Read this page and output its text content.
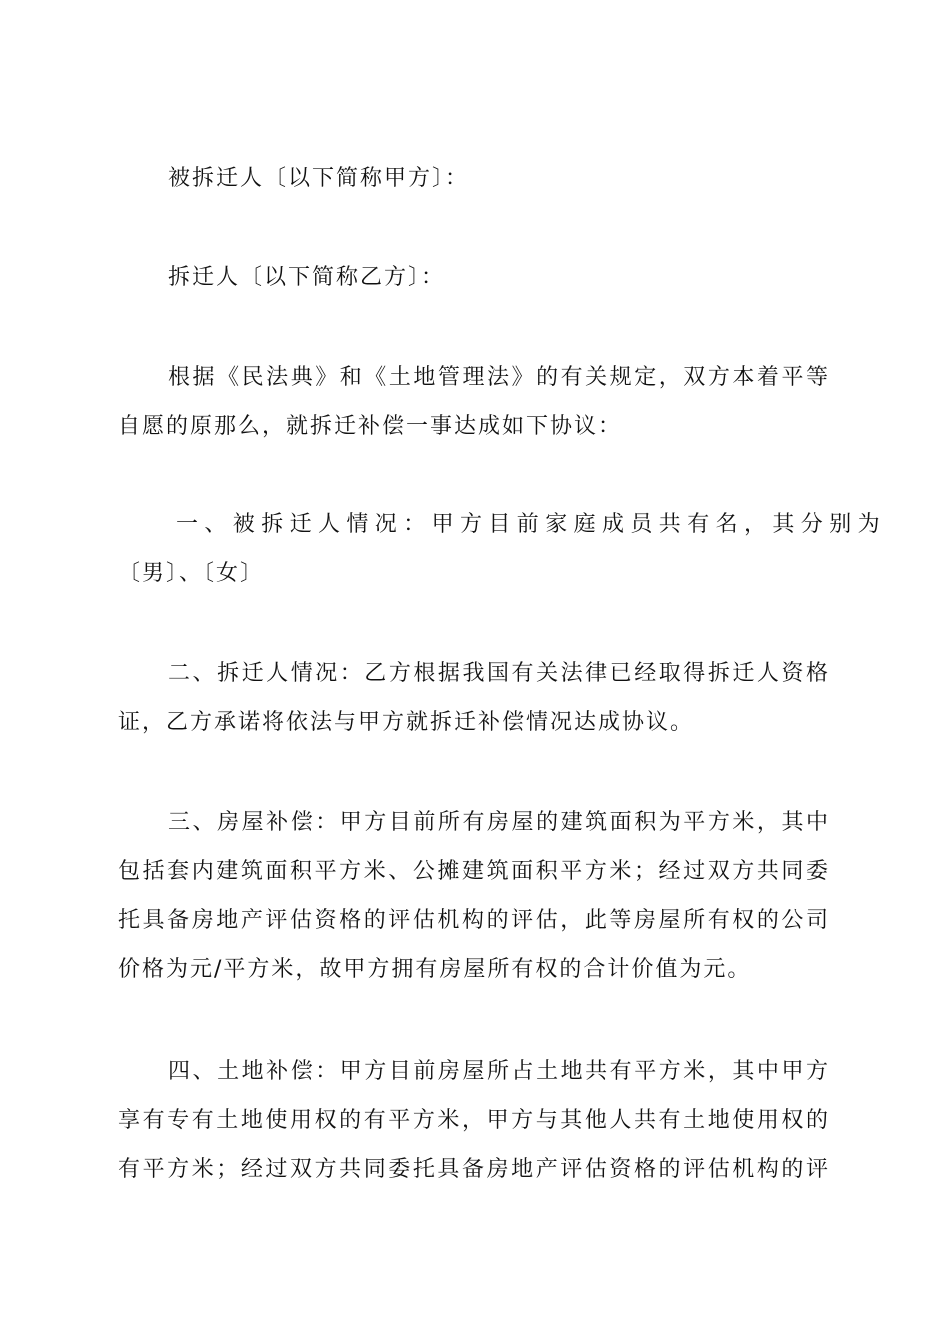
被拆迁人〔以下简称甲方〕：

拆迁人〔以下简称乙方〕：

根据《民法典》和《土地管理法》的有关规定，双方本着平等
自愿的原那么，就拆迁补偿一事达成如下协议：

一、被拆迁人情况：甲方目前家庭成员共有名，其分别为
〔男〕、〔女〕

二、拆迁人情况：乙方根据我国有关法律已经取得拆迁人资格
证，乙方承诺将依法与甲方就拆迁补偿情况达成协议。

三、房屋补偿：甲方目前所有房屋的建筑面积为平方米，其中
包括套内建筑面积平方米、公摊建筑面积平方米；经过双方共同委
托具备房地产评估资格的评估机构的评估，此等房屋所有权的公司
价格为元/平方米，故甲方拥有房屋所有权的合计价值为元。

四、土地补偿：甲方目前房屋所占土地共有平方米，其中甲方
享有专有土地使用权的有平方米，甲方与其他人共有土地使用权的
有平方米；经过双方共同委托具备房地产评估资格的评估机构的评
